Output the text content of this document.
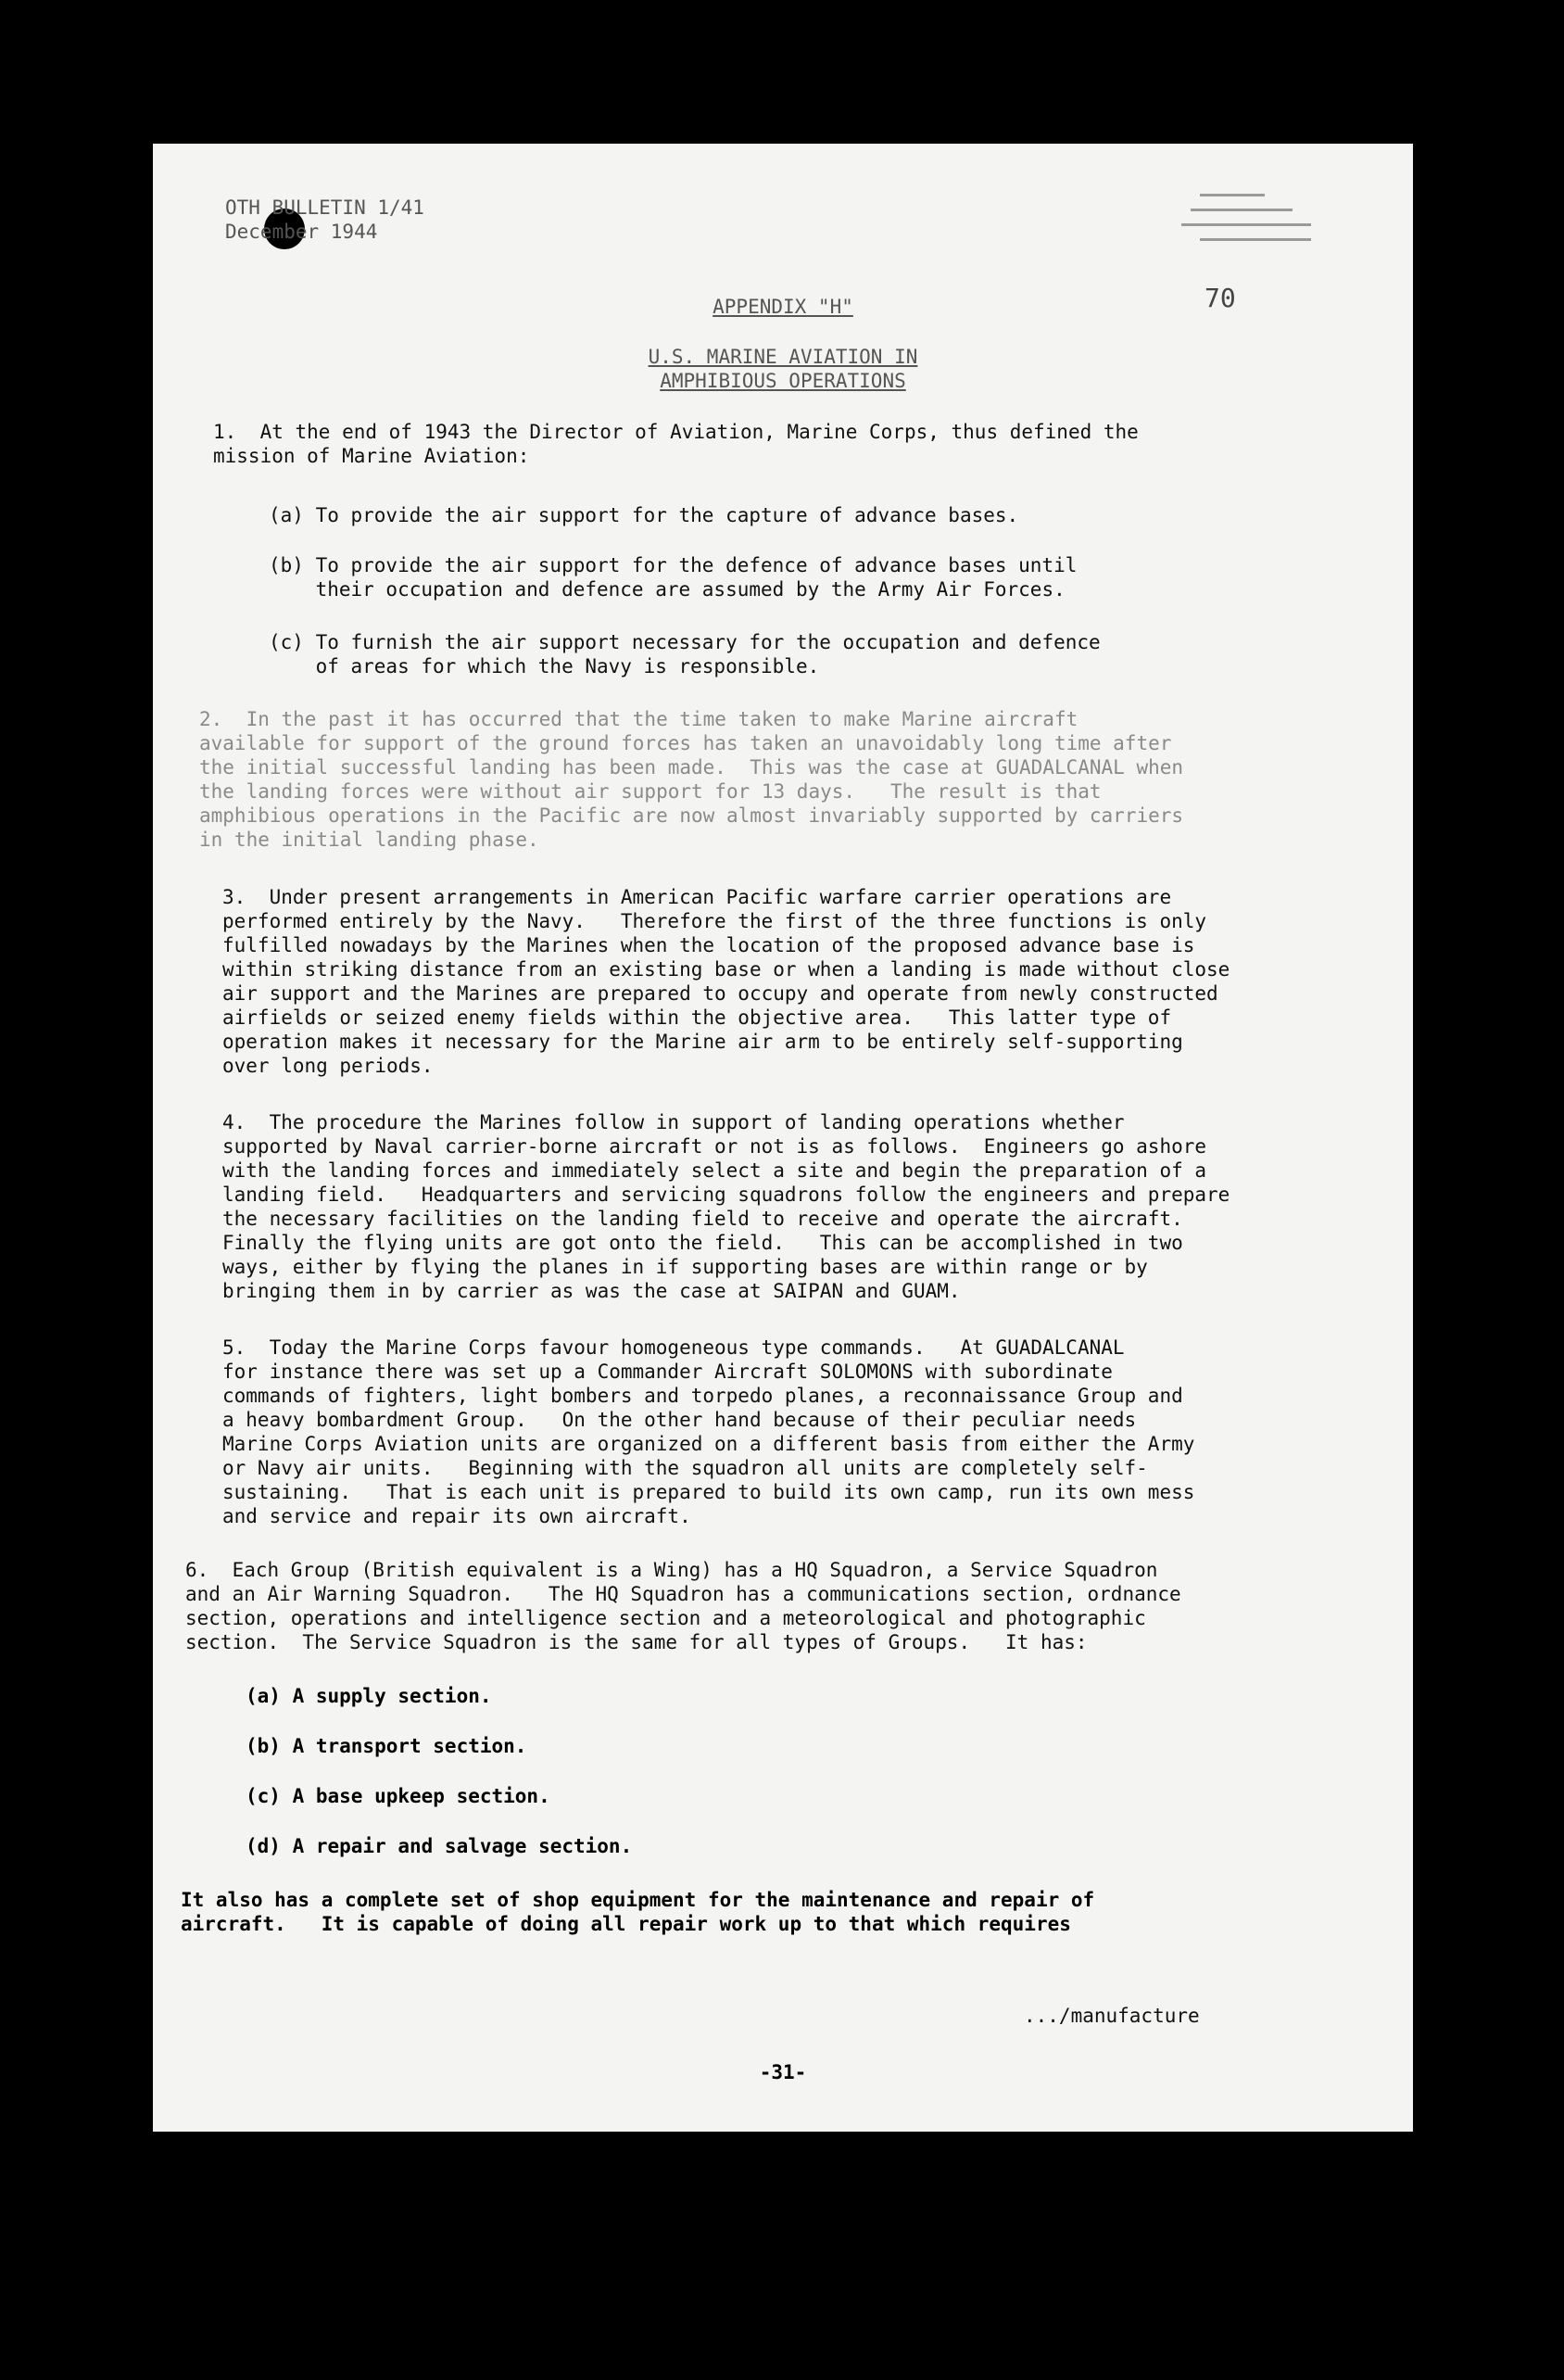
OTH BULLETIN 1/41
December 1944
70
APPENDIX "H"
U.S. MARINE AVIATION IN
AMPHIBIOUS OPERATIONS
1.  At the end of 1943 the Director of Aviation, Marine Corps, thus defined the
mission of Marine Aviation:
(a) To provide the air support for the capture of advance bases.
(b) To provide the air support for the defence of advance bases until
their occupation and defence are assumed by the Army Air Forces.
(c) To furnish the air support necessary for the occupation and defence
of areas for which the Navy is responsible.
2.  In the past it has occurred that the time taken to make Marine aircraft
available for support of the ground forces has taken an unavoidably long time after
the initial successful landing has been made.  This was the case at GUADALCANAL when
the landing forces were without air support for 13 days.   The result is that
amphibious operations in the Pacific are now almost invariably supported by carriers
in the initial landing phase.
3.  Under present arrangements in American Pacific warfare carrier operations are
performed entirely by the Navy.   Therefore the first of the three functions is only
fulfilled nowadays by the Marines when the location of the proposed advance base is
within striking distance from an existing base or when a landing is made without close
air support and the Marines are prepared to occupy and operate from newly constructed
airfields or seized enemy fields within the objective area.   This latter type of
operation makes it necessary for the Marine air arm to be entirely self-supporting
over long periods.
4.  The procedure the Marines follow in support of landing operations whether
supported by Naval carrier-borne aircraft or not is as follows.  Engineers go ashore
with the landing forces and immediately select a site and begin the preparation of a
landing field.   Headquarters and servicing squadrons follow the engineers and prepare
the necessary facilities on the landing field to receive and operate the aircraft.
Finally the flying units are got onto the field.   This can be accomplished in two
ways, either by flying the planes in if supporting bases are within range or by
bringing them in by carrier as was the case at SAIPAN and GUAM.
5.  Today the Marine Corps favour homogeneous type commands.   At GUADALCANAL
for instance there was set up a Commander Aircraft SOLOMONS with subordinate
commands of fighters, light bombers and torpedo planes, a reconnaissance Group and
a heavy bombardment Group.   On the other hand because of their peculiar needs
Marine Corps Aviation units are organized on a different basis from either the Army
or Navy air units.   Beginning with the squadron all units are completely self-
sustaining.   That is each unit is prepared to build its own camp, run its own mess
and service and repair its own aircraft.
6.  Each Group (British equivalent is a Wing) has a HQ Squadron, a Service Squadron
and an Air Warning Squadron.   The HQ Squadron has a communications section, ordnance
section, operations and intelligence section and a meteorological and photographic
section.  The Service Squadron is the same for all types of Groups.   It has:
(a) A supply section.
(b) A transport section.
(c) A base upkeep section.
(d) A repair and salvage section.
It also has a complete set of shop equipment for the maintenance and repair of
aircraft.   It is capable of doing all repair work up to that which requires
.../manufacture
-31-
